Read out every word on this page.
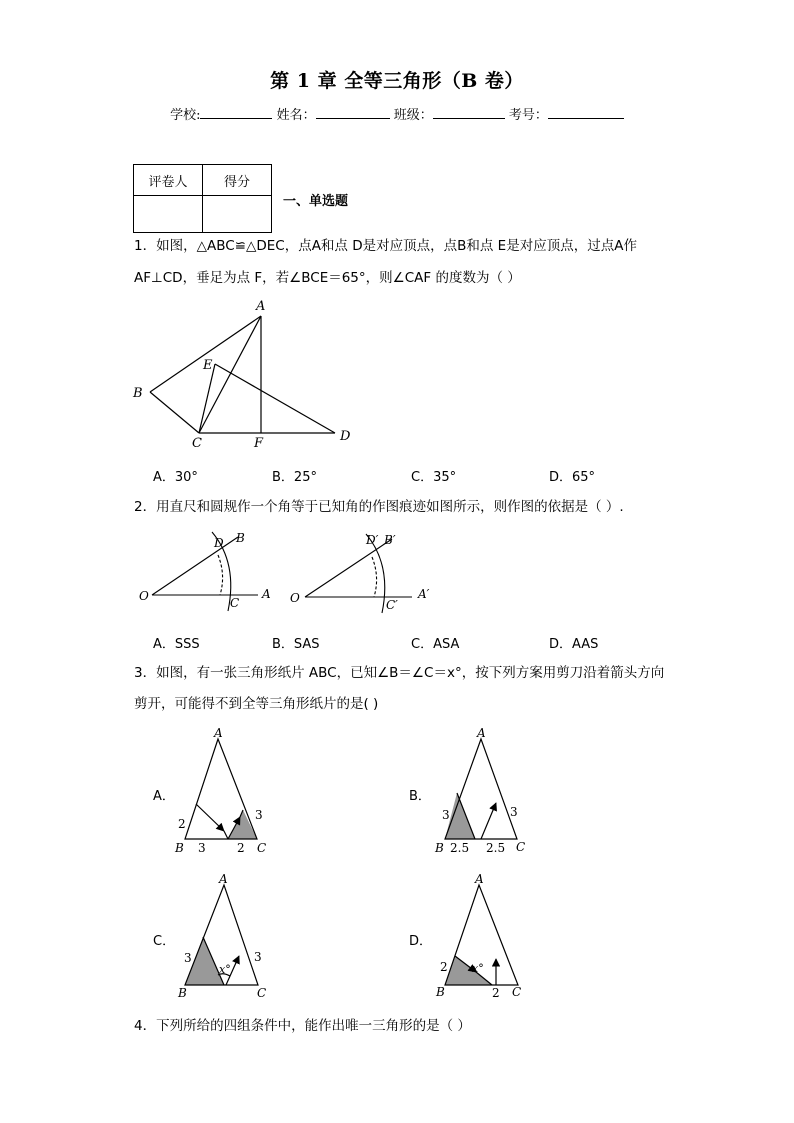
第 1 章 全等三角形（B 卷）
学校:	姓名：	班级：	考号：
评卷人	得分

一、单选题
1．如图，△ABC≌△DEC，点A和点 D是对应顶点，点B和点 E是对应顶点，过点A作
AF⊥CD，垂足为点 F，若∠BCE＝65°，则∠CAF 的度数为（ ）
A
B
C	D
E
F
A．30°	B．25°	C．35°	D．65°
2．用直尺和圆规作一个角等于已知角的作图痕迹如图所示，则作图的依据是（ ）.
O	A
B
C
D
O	A′
B′
C′
D′
A．SSS	B．SAS	C．ASA	D．AAS
3．如图，有一张三角形纸片 ABC，已知∠B＝∠C＝x°，按下列方案用剪刀沿着箭头方向
剪开，可能得不到全等三角形纸片的是( )
A．
A
B	C
2
3	2
3
B．
A
B	C
3
2.5 2.5
3
C．
A
B	C
3	3
x°
D．
A
B	C
2
2
x°
4．下列所给的四组条件中，能作出唯一三角形的是（ ）
